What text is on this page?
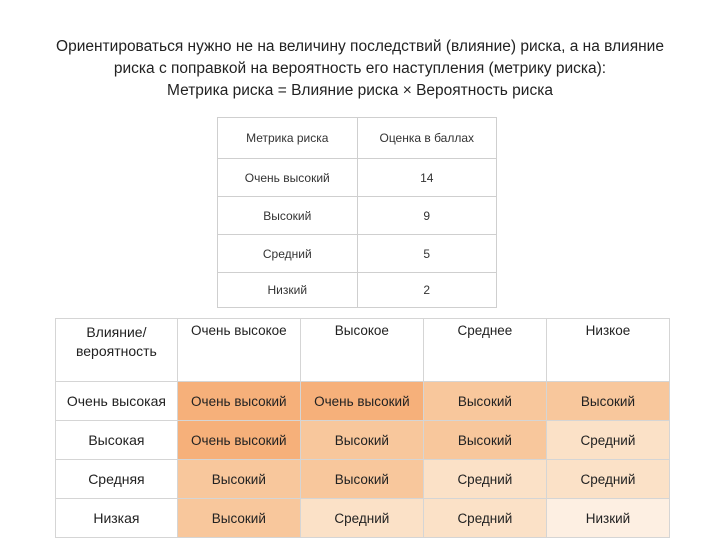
Ориентироваться нужно не на величину последствий (влияние) риска, а на влияние
риска с поправкой на вероятность его наступления (метрику риска):
Метрика риска = Влияние риска × Вероятность риска
Метрика риска	Оценка в баллах
Очень высокий	14
Высокий	9
Средний	5
Низкий	2
Влияние/
вероятность	Очень высокое	Высокое	Среднее	Низкое
Очень высокая	Очень высокий	Очень высокий	Высокий	Высокий
Высокая	Очень высокий	Высокий	Высокий	Средний
Средняя	Высокий	Высокий	Средний	Средний
Низкая	Высокий	Средний	Средний	Низкий
